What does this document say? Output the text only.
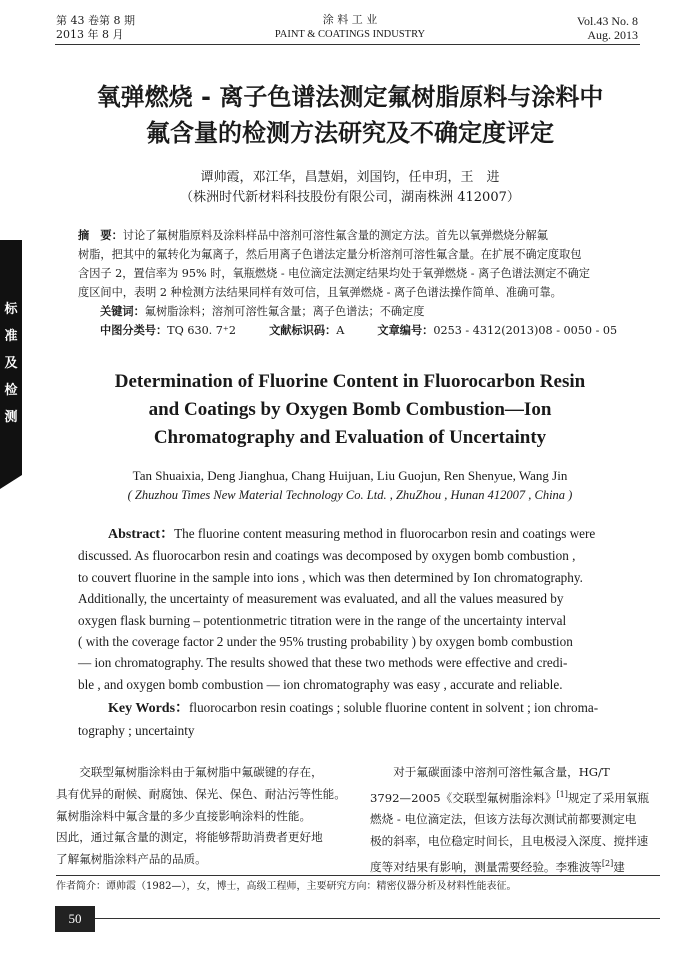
第 43 卷第 8 期
2013 年 8 月
涂 料 工 业
PAINT & COATINGS INDUSTRY
Vol.43 No. 8
Aug. 2013
氧弹燃烧 - 离子色谱法测定氟树脂原料与涂料中
氟含量的检测方法研究及不确定度评定
谭帅霞，邓江华，昌慧娟，刘国钧，任申玥，王　进
（株洲时代新材料科技股份有限公司，湖南株洲 412007）
标
准
及
检
测
摘　要：讨论了氟树脂原料及涂料样品中溶剂可溶性氟含量的测定方法。首先以氧弹燃烧分解氟
树脂，把其中的氟转化为氟离子，然后用离子色谱法定量分析溶剂可溶性氟含量。在扩展不确定度取包
含因子 2，置信率为 95% 时，氧瓶燃烧 - 电位滴定法测定结果均处于氧弹燃烧 - 离子色谱法测定不确定
度区间中，表明 2 种检测方法结果同样有效可信，且氧弹燃烧 - 离子色谱法操作简单、准确可靠。
关键词：氟树脂涂料；溶剂可溶性氟含量；离子色谱法；不确定度
中图分类号：TQ 630. 7⁺2	文献标识码：A	文章编号：0253 - 4312(2013)08 - 0050 - 05
Determination of Fluorine Content in Fluorocarbon Resin
and Coatings by Oxygen Bomb Combustion—Ion
Chromatography and Evaluation of Uncertainty
Tan Shuaixia, Deng Jianghua, Chang Huijuan, Liu Guojun, Ren Shenyue, Wang Jin
( Zhuzhou Times New Material Technology Co. Ltd. , ZhuZhou , Hunan 412007 , China )
Abstract：The fluorine content measuring method in fluorocarbon resin and coatings were
discussed. As fluorocarbon resin and coatings was decomposed by oxygen bomb combustion ,
to couvert fluorine in the sample into ions , which was then determined by Ion chromatography.
Additionally, the uncertainty of measurement was evaluated, and all the values measured by
oxygen flask burning – potentionmetric titration were in the range of the uncertainty interval
( with the coverage factor 2 under the 95% trusting probability ) by oxygen bomb combustion
— ion chromatography. The results showed that these two methods were effective and credi-
ble , and oxygen bomb combustion — ion chromatography was easy , accurate and reliable.
Key Words：fluorocarbon resin coatings ; soluble fluorine content in solvent ; ion chroma-
tography ; uncertainty
　　交联型氟树脂涂料由于氟树脂中氟碳键的存在，
具有优异的耐候、耐腐蚀、保光、保色、耐沾污等性能。
氟树脂涂料中氟含量的多少直接影响涂料的性能。
因此，通过氟含量的测定，将能够帮助消费者更好地
了解氟树脂涂料产品的品质。
　　对于氟碳面漆中溶剂可溶性氟含量，HG/T
3792—2005《交联型氟树脂涂料》[1]规定了采用氧瓶
燃烧 - 电位滴定法，但该方法每次测试前都要测定电
极的斜率，电位稳定时间长，且电极浸入深度、搅拌速
度等对结果有影响，测量需要经验。李雅波等[2]建
作者简介：谭帅霞（1982—），女，博士，高级工程师，主要研究方向：精密仪器分析及材料性能表征。
50
